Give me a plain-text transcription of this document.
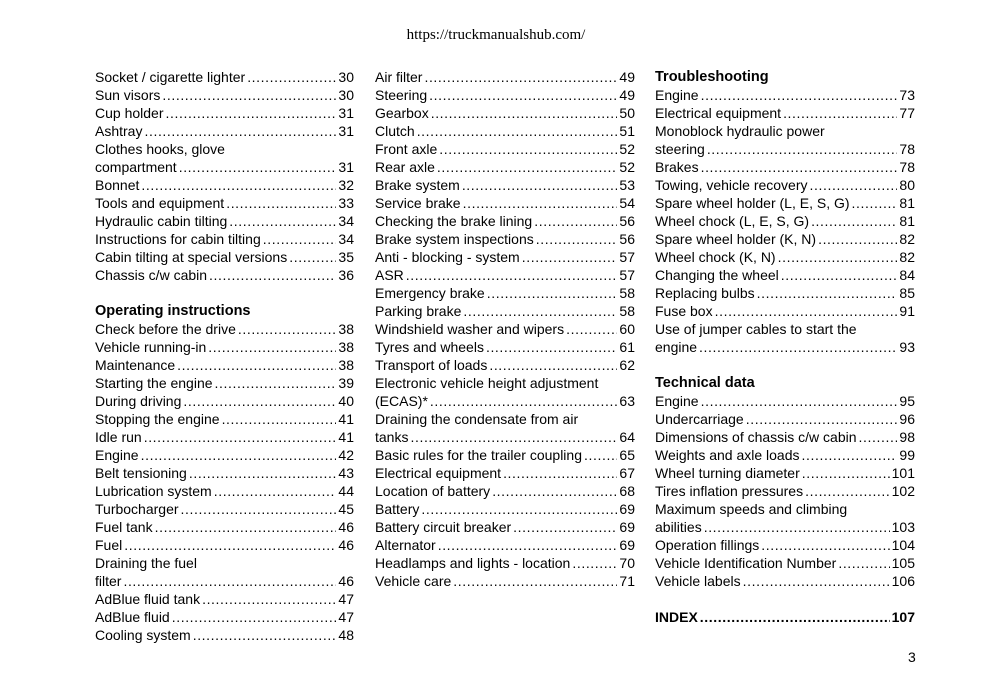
https://truckmanualshub.com/
Socket / cigarette lighter .....	30
Sun visors .....	30
Cup holder .....	31
Ashtray .....	31
Clothes hooks, glove
compartment .....	31
Bonnet .....	32
Tools and equipment .....	33
Hydraulic cabin tilting .....	34
Instructions for cabin tilting .....	34
Cabin tilting at special versions .....	35
Chassis c/w cabin .....	36
Operating instructions
Check before the drive .....	38
Vehicle running-in .....	38
Maintenance .....	38
Starting the engine .....	39
During driving .....	40
Stopping the engine .....	41
Idle run .....	41
Engine .....	42
Belt tensioning .....	43
Lubrication system .....	44
Turbocharger .....	45
Fuel tank .....	46
Fuel .....	46
Draining the fuel
filter .....	46
AdBlue fluid tank .....	47
AdBlue fluid .....	47
Cooling system .....	48
Air filter .....	49
Steering .....	49
Gearbox .....	50
Clutch .....	51
Front axle .....	52
Rear axle .....	52
Brake system .....	53
Service brake .....	54
Checking the brake lining .....	56
Brake system inspections .....	56
Anti - blocking - system .....	57
ASR .....	57
Emergency brake .....	58
Parking brake .....	58
Windshield washer and wipers .....	60
Tyres and wheels .....	61
Transport of loads .....	62
Electronic vehicle height adjustment
(ECAS)* .....	63
Draining the condensate from air
tanks .....	64
Basic rules for the trailer coupling .....	65
Electrical equipment .....	67
Location of battery .....	68
Battery .....	69
Battery circuit breaker .....	69
Alternator .....	69
Headlamps and lights - location .....	70
Vehicle care .....	71
Troubleshooting
Engine .....	73
Electrical equipment .....	77
Monoblock hydraulic power
steering .....	78
Brakes .....	78
Towing, vehicle recovery .....	80
Spare wheel holder (L, E, S, G) .....	81
Wheel chock (L, E, S, G) .....	81
Spare wheel holder (K, N) .....	82
Wheel chock (K, N) .....	82
Changing the wheel .....	84
Replacing bulbs .....	85
Fuse box .....	91
Use of jumper cables to start the
engine .....	93
Technical data
Engine .....	95
Undercarriage .....	96
Dimensions of chassis c/w cabin .....	98
Weights and axle loads .....	99
Wheel turning diameter .....	101
Tires inflation pressures .....	102
Maximum speeds and climbing
abilities .....	103
Operation fillings .....	104
Vehicle Identification Number .....	105
Vehicle labels .....	106
INDEX .....	107
3
